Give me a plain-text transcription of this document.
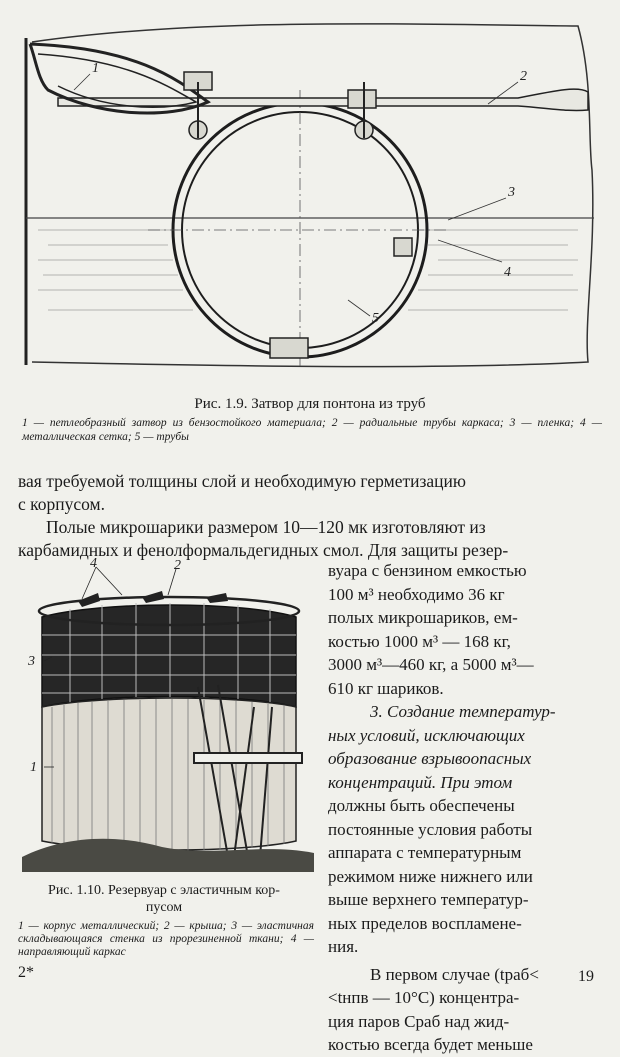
1
2
3
4
5
Рис. 1.9. Затвор для понтона из труб
1 — петлеобразный затвор из бензостойкого материала; 2 — радиальные трубы каркаса; 3 — пленка; 4 — металлическая сетка; 5 — трубы
вая требуемой толщины слой и необходимую герметизацию
с корпусом.
Полые микрошарики размером 10—120 мк изготовляют из
карбамидных и фенолформальдегидных смол. Для защиты резер-
вуара с бензином емкостью
100 м³ необходимо 36 кг
полых микрошариков, ем-
костью 1000 м³ — 168 кг,
3000 м³—460 кг, а 5000 м³—
610 кг шариков.
3. Создание температур-
ных условий, исключающих
образование взрывоопасных
концентраций. При этом
должны быть обеспечены
постоянные условия работы
аппарата с температурным
режимом ниже нижнего или
выше верхнего температур-
ных пределов воспламене-
ния.
В первом случае (tраб<
<tнпв — 10°C) концентра-
ция паров Cраб над жид-
костью всегда будет меньше
4	2
3
1
Рис. 1.10. Резервуар с эластичным кор-
пусом
1 — корпус металлический; 2 — крыша; 3 — эластичная складывающаяся стенка из прорезиненной ткани; 4 — направляющий каркас
2*	19
